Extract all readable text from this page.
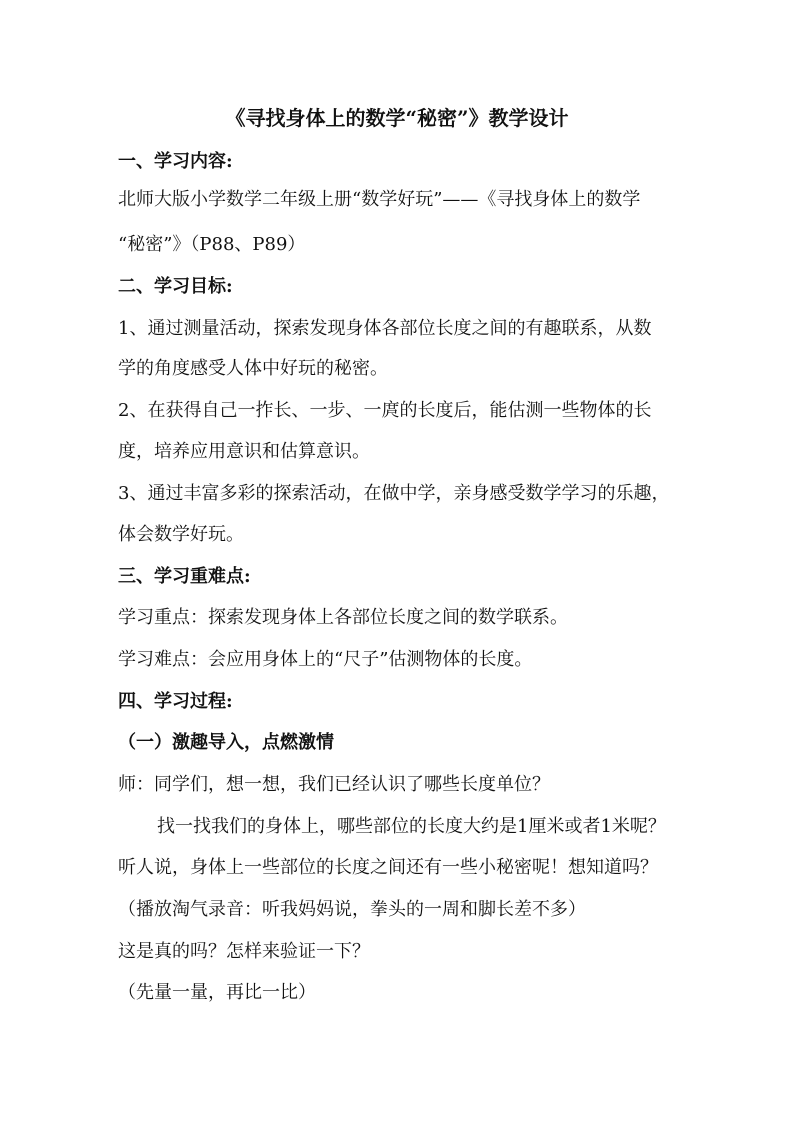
《寻找身体上的数学“秘密”》教学设计
一、学习内容:
北师大版小学数学二年级上册“数学好玩”——《寻找身体上的数学
“秘密”》（P88、P89）
二、学习目标:
1、通过测量活动，探索发现身体各部位长度之间的有趣联系，从数
学的角度感受人体中好玩的秘密。
2、在获得自己一拃长、一步、一庹的长度后，能估测一些物体的长
度，培养应用意识和估算意识。
3、通过丰富多彩的探索活动，在做中学，亲身感受数学学习的乐趣，
体会数学好玩。
三、学习重难点:
学习重点：探索发现身体上各部位长度之间的数学联系。
学习难点：会应用身体上的“尺子”估测物体的长度。
四、学习过程:
（一）激趣导入，点燃激情
师：同学们，想一想，我们已经认识了哪些长度单位？
找一找我们的身体上，哪些部位的长度大约是1厘米或者1米呢？
听人说，身体上一些部位的长度之间还有一些小秘密呢！想知道吗？
（播放淘气录音：听我妈妈说，拳头的一周和脚长差不多）
这是真的吗？怎样来验证一下？
（先量一量，再比一比）
